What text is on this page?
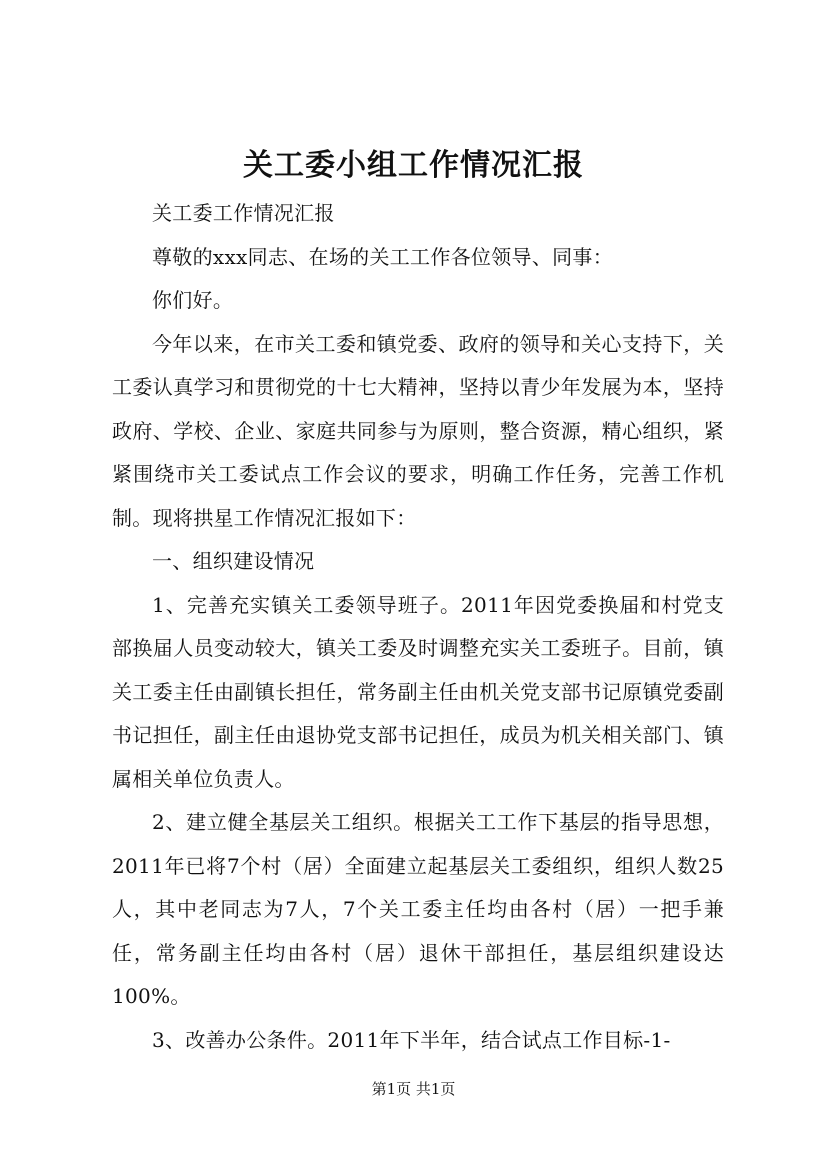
关工委小组工作情况汇报

关工委工作情况汇报

尊敬的xxx同志、在场的关工工作各位领导、同事：

你们好。

今年以来，在市关工委和镇党委、政府的领导和关心支持下，关工委认真学习和贯彻党的十七大精神，坚持以青少年发展为本，坚持政府、学校、企业、家庭共同参与为原则，整合资源，精心组织，紧紧围绕市关工委试点工作会议的要求，明确工作任务，完善工作机制。现将拱星工作情况汇报如下：

一、组织建设情况

1、完善充实镇关工委领导班子。2011年因党委换届和村党支部换届人员变动较大，镇关工委及时调整充实关工委班子。目前，镇关工委主任由副镇长担任，常务副主任由机关党支部书记原镇党委副书记担任，副主任由退协党支部书记担任，成员为机关相关部门、镇属相关单位负责人。

2、建立健全基层关工组织。根据关工工作下基层的指导思想，2011年已将7个村（居）全面建立起基层关工委组织，组织人数25人，其中老同志为7人，7个关工委主任均由各村（居）一把手兼任，常务副主任均由各村（居）退休干部担任，基层组织建设达100%。

3、改善办公条件。2011年下半年，结合试点工作目标-1-

第1页 共1页
